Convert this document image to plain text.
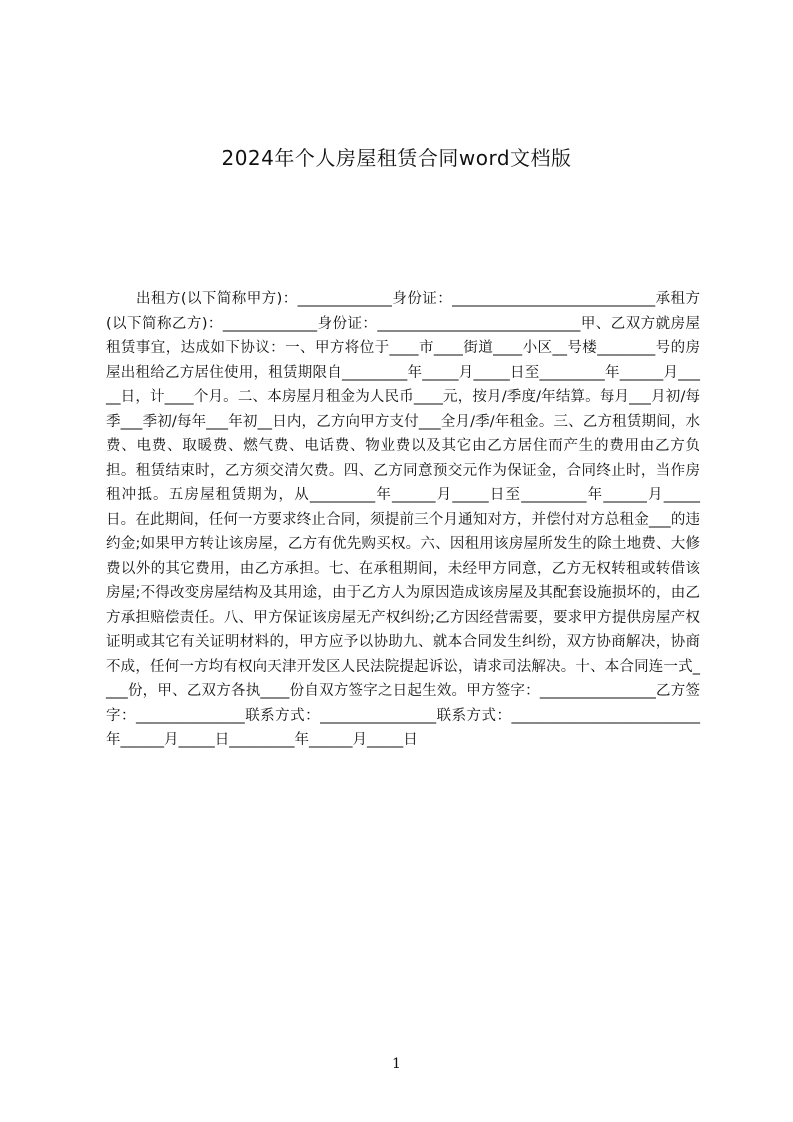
2024年个人房屋租赁合同word文档版
出租方(以下简称甲方)：_____________身份证：____________________________承租方(以下简称乙方)：_____________身份证：____________________________甲、乙双方就房屋租赁事宜，达成如下协议：一、甲方将位于____市____街道____小区__号楼________号的房屋出租给乙方居住使用，租赁期限自_________年_____月_____日至_________年______月_____日，计____个月。二、本房屋月租金为人民币____元，按月/季度/年结算。每月___月初/每季___季初/每年___年初__日内，乙方向甲方支付___全月/季/年租金。三、乙方租赁期间，水费、电费、取暖费、燃气费、电话费、物业费以及其它由乙方居住而产生的费用由乙方负担。租赁结束时，乙方须交清欠费。四、乙方同意预交元作为保证金，合同终止时，当作房租冲抵。五房屋租赁期为，从_________年______月_____日至_________年______月_____日。在此期间，任何一方要求终止合同，须提前三个月通知对方，并偿付对方总租金___的违约金;如果甲方转让该房屋，乙方有优先购买权。六、因租用该房屋所发生的除土地费、大修费以外的其它费用，由乙方承担。七、在承租期间，未经甲方同意，乙方无权转租或转借该房屋;不得改变房屋结构及其用途，由于乙方人为原因造成该房屋及其配套设施损坏的，由乙方承担赔偿责任。八、甲方保证该房屋无产权纠纷;乙方因经营需要，要求甲方提供房屋产权证明或其它有关证明材料的，甲方应予以协助九、就本合同发生纠纷，双方协商解决，协商不成，任何一方均有权向天津开发区人民法院提起诉讼，请求司法解决。十、本合同连一式____份，甲、乙双方各执____份自双方签字之日起生效。甲方签字：________________乙方签字：_______________联系方式：________________联系方式：__________________________年______月_____日_________年______月_____日
1
